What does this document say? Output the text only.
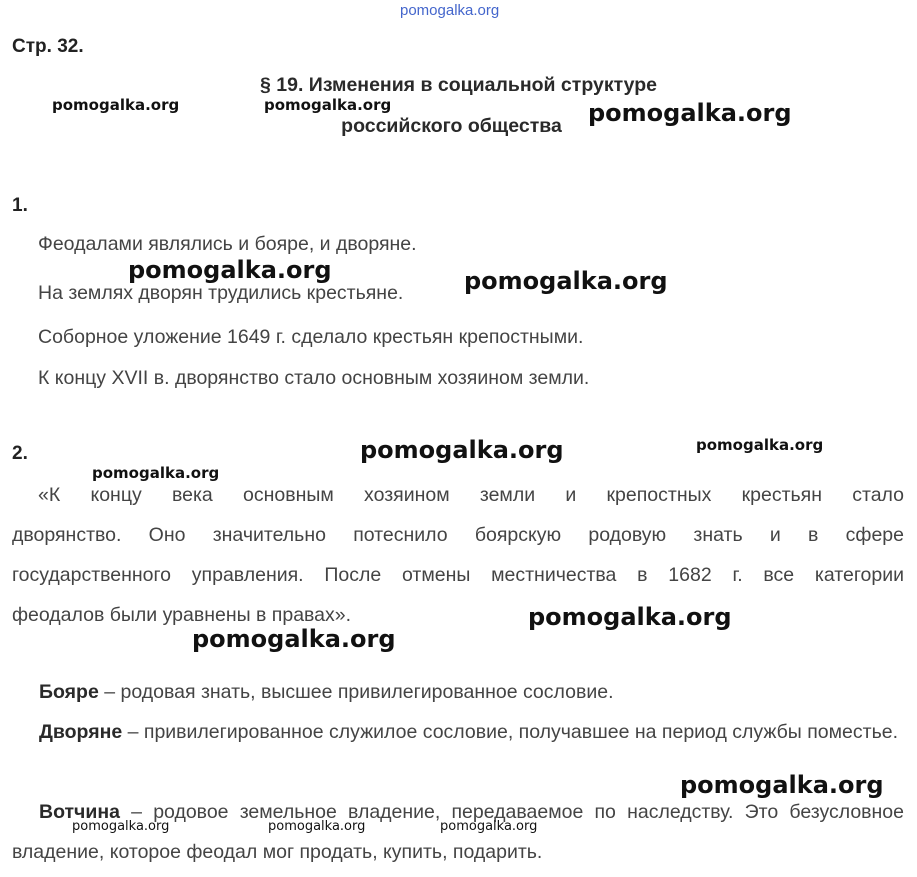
pomogalka.org
Стр. 32.
§ 19. Изменения в социальной структуре
российского общества
1.
Феодалами являлись и бояре, и дворяне.
На землях дворян трудились крестьяне.
Соборное уложение 1649 г. сделало крестьян крепостными.
К концу XVII в. дворянство стало основным хозяином земли.
2.
«К концу века основным хозяином земли и крепостных крестьян стало
дворянство. Оно значительно потеснило боярскую родовую знать и в сфере
государственного управления. После отмены местничества в 1682 г. все категории
феодалов были уравнены в правах».
Бояре – родовая знать, высшее привилегированное сословие.
Дворяне – привилегированное служилое сословие, получавшее на период службы поместье.
Вотчина – родовое земельное владение, передаваемое по наследству. Это безусловное владение, которое феодал мог продать, купить, подарить.
pomogalka.org	pomogalka.org	pomogalka.org
pomogalka.org	pomogalka.org
pomogalka.org	pomogalka.org
pomogalka.org
pomogalka.org
pomogalka.org
pomogalka.org
pomogalka.org	pomogalka.org	pomogalka.org
